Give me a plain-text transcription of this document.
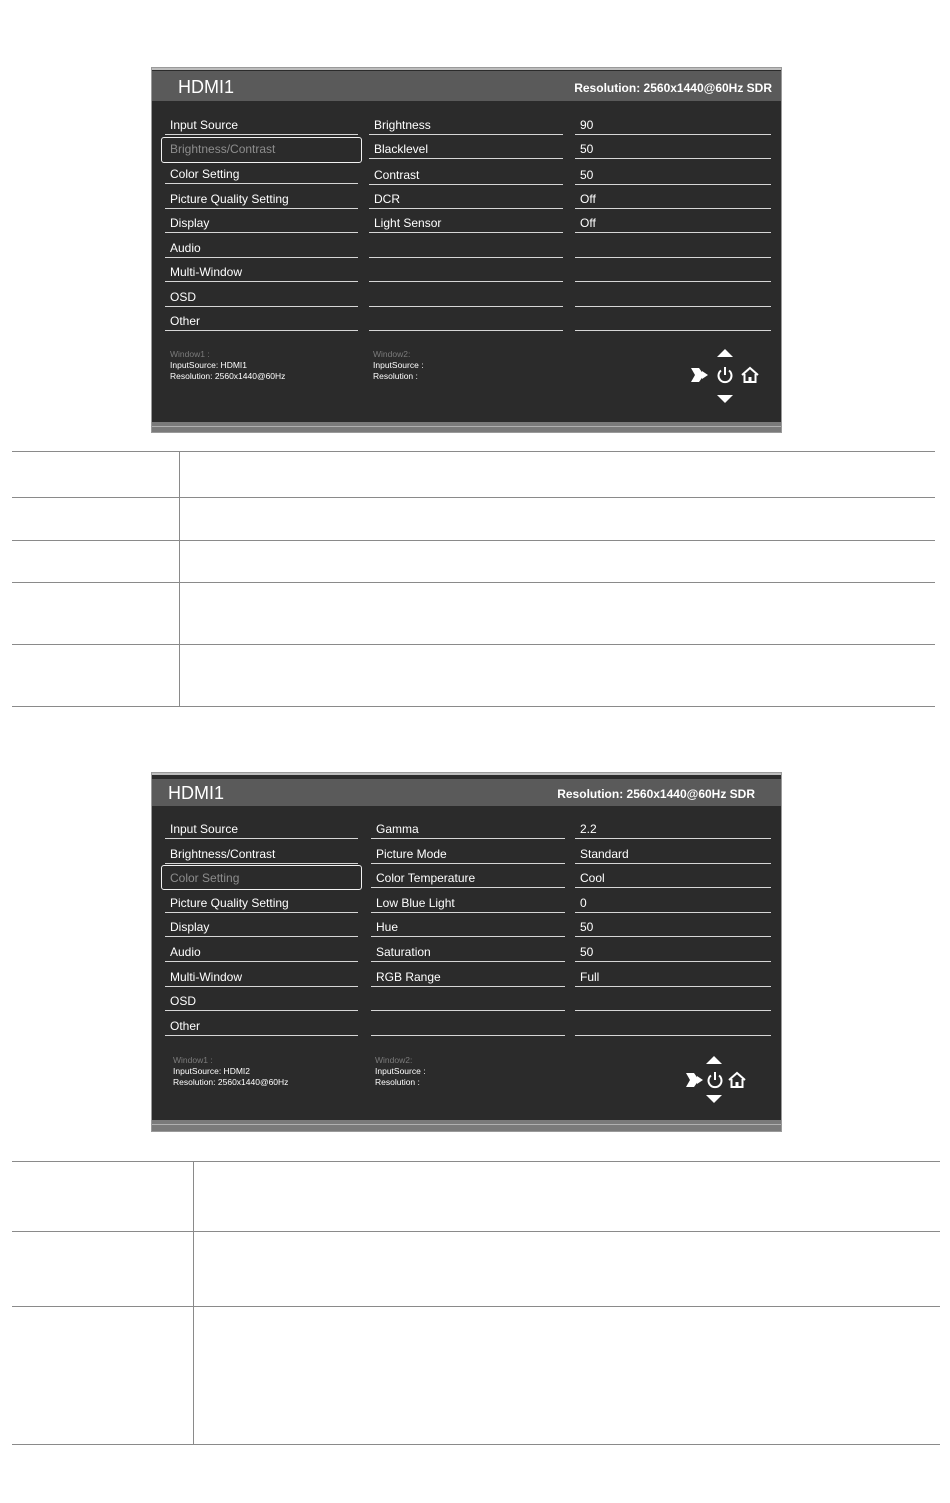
HDMI1	Resolution: 2560x1440@60Hz SDR
Input Source
Brightness/Contrast
Color Setting
Picture Quality Setting
Display
Audio
Multi-Window
OSD
Other
Brightness
Blacklevel
Contrast
DCR
Light Sensor
90
50
50
Off
Off
Window1 :
InputSource: HDMI1
Resolution: 2560x1440@60Hz
Window2:
InputSource :
Resolution :
HDMI1	Resolution: 2560x1440@60Hz SDR
Input Source
Brightness/Contrast
Color Setting
Picture Quality Setting
Display
Audio
Multi-Window
OSD
Other
Gamma
Picture Mode
Color Temperature
Low Blue Light
Hue
Saturation
RGB Range
2.2
Standard
Cool
0
50
50
Full
Window1 :
InputSource: HDMI2
Resolution: 2560x1440@60Hz
Window2:
InputSource :
Resolution :
